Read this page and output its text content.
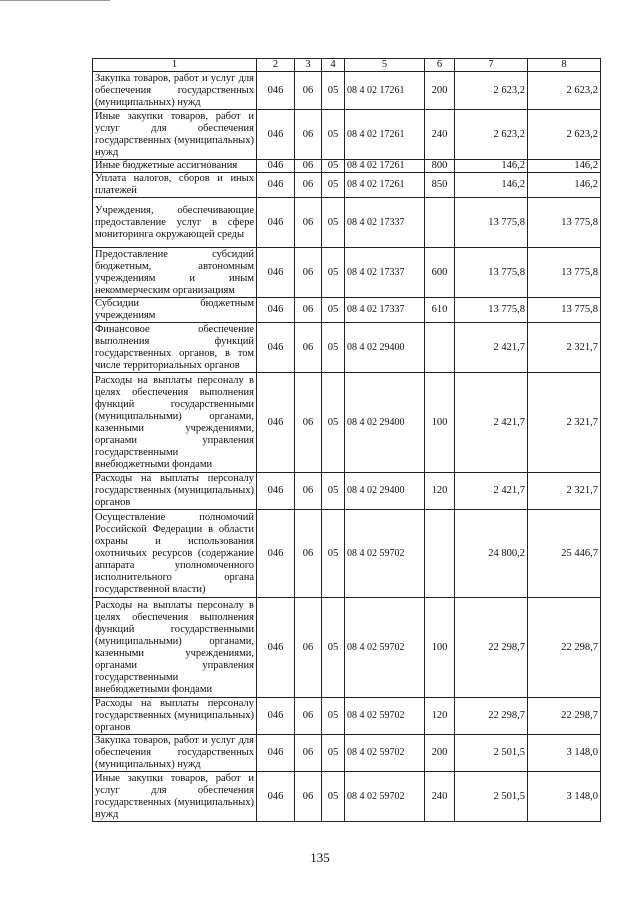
1	2	3	4	5	6	7	8
Закупка товаров, работ и услуг для обеспечения государственных (муниципальных) нужд	046	06	05	08 4 02 17261	200	2 623,2	2 623,2
Иные закупки товаров, работ и услуг для обеспечения государственных (муниципальных) нужд	046	06	05	08 4 02 17261	240	2 623,2	2 623,2
Иные бюджетные ассигнования	046	06	05	08 4 02 17261	800	146,2	146,2
Уплата налогов, сборов и иных платежей	046	06	05	08 4 02 17261	850	146,2	146,2
Учреждения, обеспечивающие предоставление услуг в сфере мониторинга окружающей среды	046	06	05	08 4 02 17337		13 775,8	13 775,8
Предоставление субсидий бюджетным, автономным учреждениям и иным некоммерческим организациям	046	06	05	08 4 02 17337	600	13 775,8	13 775,8
Субсидии бюджетным учреждениям	046	06	05	08 4 02 17337	610	13 775,8	13 775,8
Финансовое обеспечение выполнения функций государственных органов, в том числе территориальных органов	046	06	05	08 4 02 29400		2 421,7	2 321,7
Расходы на выплаты персоналу в целях обеспечения выполнения функций государственными (муниципальными) органами, казенными учреждениями, органами управления государственными внебюджетными фондами	046	06	05	08 4 02 29400	100	2 421,7	2 321,7
Расходы на выплаты персоналу государственных (муниципальных) органов	046	06	05	08 4 02 29400	120	2 421,7	2 321,7
Осуществление полномочий Российской Федерации в области охраны и использования охотничьих ресурсов (содержание аппарата уполномоченного исполнительного органа государственной власти)	046	06	05	08 4 02 59702		24 800,2	25 446,7
Расходы на выплаты персоналу в целях обеспечения выполнения функций государственными (муниципальными) органами, казенными учреждениями, органами управления государственными внебюджетными фондами	046	06	05	08 4 02 59702	100	22 298,7	22 298,7
Расходы на выплаты персоналу государственных (муниципальных) органов	046	06	05	08 4 02 59702	120	22 298,7	22 298,7
Закупка товаров, работ и услуг для обеспечения государственных (муниципальных) нужд	046	06	05	08 4 02 59702	200	2 501,5	3 148,0
Иные закупки товаров, работ и услуг для обеспечения государственных (муниципальных) нужд	046	06	05	08 4 02 59702	240	2 501,5	3 148,0
135
